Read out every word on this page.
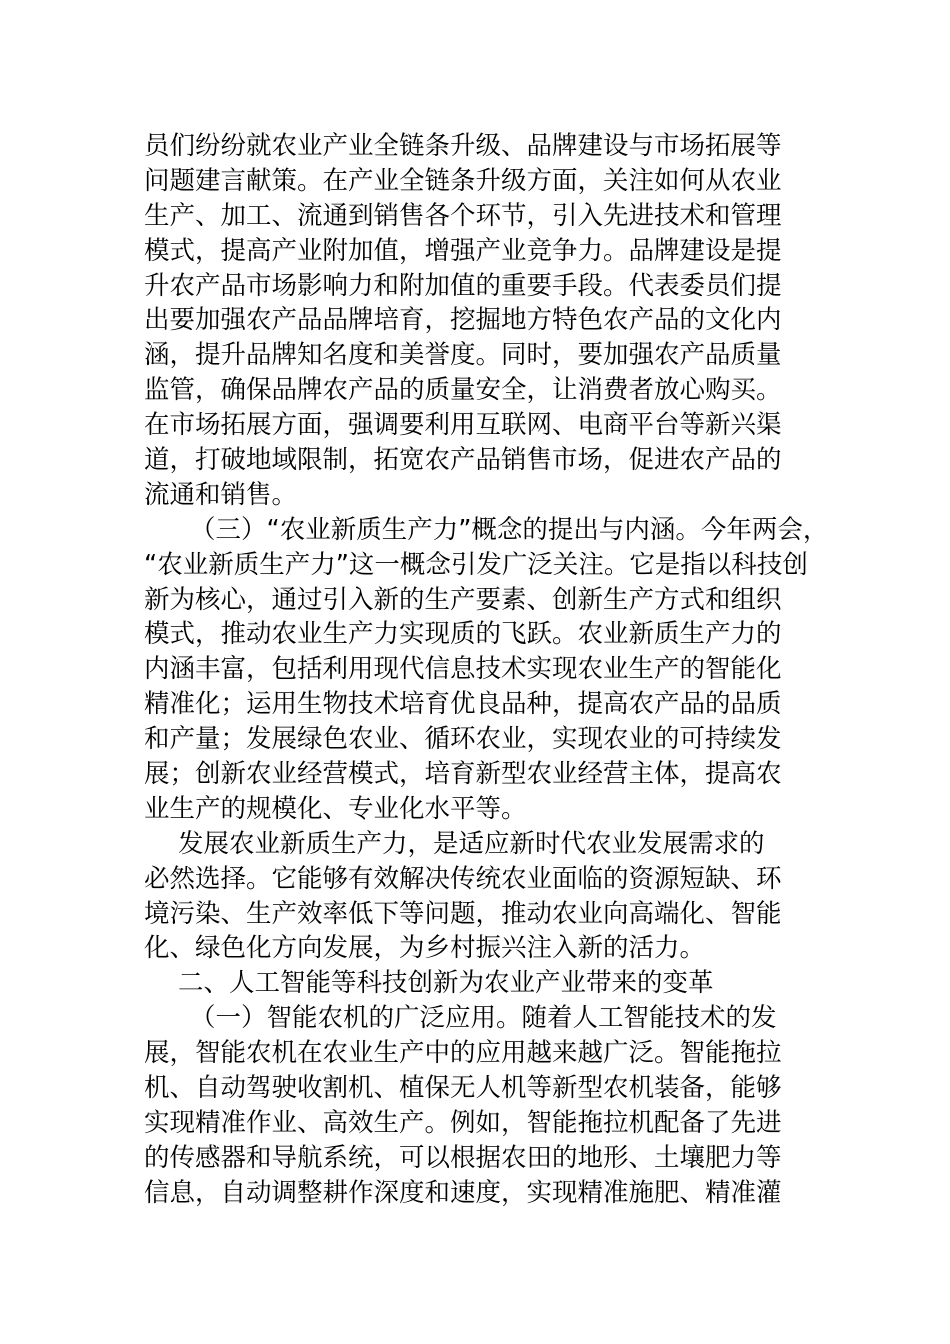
员们纷纷就农业产业全链条升级、品牌建设与市场拓展等
问题建言献策。在产业全链条升级方面，关注如何从农业
生产、加工、流通到销售各个环节，引入先进技术和管理
模式，提高产业附加值，增强产业竞争力。品牌建设是提
升农产品市场影响力和附加值的重要手段。代表委员们提
出要加强农产品品牌培育，挖掘地方特色农产品的文化内
涵，提升品牌知名度和美誉度。同时，要加强农产品质量
监管，确保品牌农产品的质量安全，让消费者放心购买。
在市场拓展方面，强调要利用互联网、电商平台等新兴渠
道，打破地域限制，拓宽农产品销售市场，促进农产品的
流通和销售。
（三）“农业新质生产力”概念的提出与内涵。今年两会，
“农业新质生产力”这一概念引发广泛关注。它是指以科技创
新为核心，通过引入新的生产要素、创新生产方式和组织
模式，推动农业生产力实现质的飞跃。农业新质生产力的
内涵丰富，包括利用现代信息技术实现农业生产的智能化
精准化；运用生物技术培育优良品种，提高农产品的品质
和产量；发展绿色农业、循环农业，实现农业的可持续发
展；创新农业经营模式，培育新型农业经营主体，提高农
业生产的规模化、专业化水平等。
发展农业新质生产力，是适应新时代农业发展需求的
必然选择。它能够有效解决传统农业面临的资源短缺、环
境污染、生产效率低下等问题，推动农业向高端化、智能
化、绿色化方向发展，为乡村振兴注入新的活力。
二、人工智能等科技创新为农业产业带来的变革
（一）智能农机的广泛应用。随着人工智能技术的发
展，智能农机在农业生产中的应用越来越广泛。智能拖拉
机、自动驾驶收割机、植保无人机等新型农机装备，能够
实现精准作业、高效生产。例如，智能拖拉机配备了先进
的传感器和导航系统，可以根据农田的地形、土壤肥力等
信息，自动调整耕作深度和速度，实现精准施肥、精准灌
